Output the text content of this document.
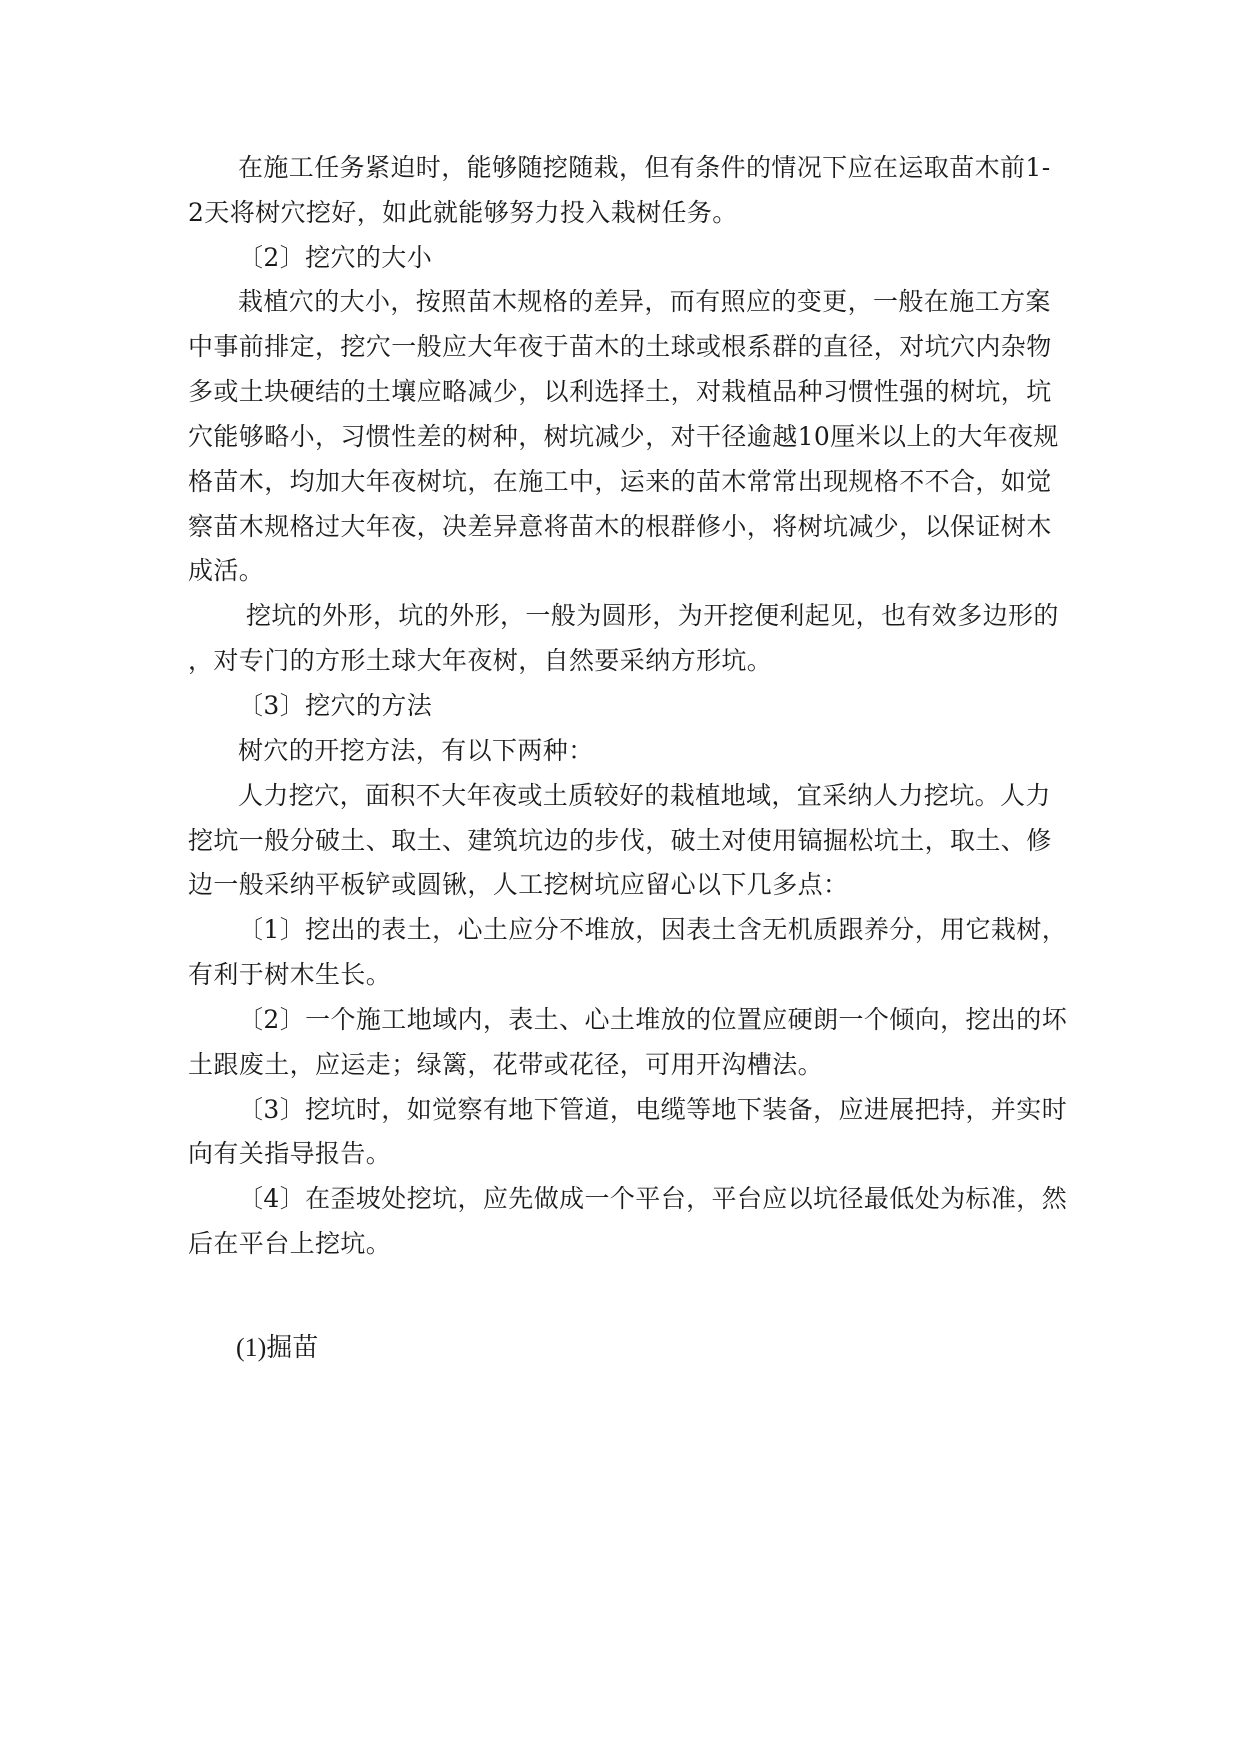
在施工任务紧迫时，能够随挖随栽，但有条件的情况下应在运取苗木前1-
2天将树穴挖好，如此就能够努力投入栽树任务。
〔2〕挖穴的大小
栽植穴的大小，按照苗木规格的差异，而有照应的变更，一般在施工方案
中事前排定，挖穴一般应大年夜于苗木的土球或根系群的直径，对坑穴内杂物
多或土块硬结的土壤应略减少，以利选择土，对栽植品种习惯性强的树坑，坑
穴能够略小，习惯性差的树种，树坑减少，对干径逾越10厘米以上的大年夜规
格苗木，均加大年夜树坑，在施工中，运来的苗木常常出现规格不不合，如觉
察苗木规格过大年夜，决差异意将苗木的根群修小，将树坑减少，以保证树木
成活。
挖坑的外形，坑的外形，一般为圆形，为开挖便利起见，也有效多边形的
，对专门的方形土球大年夜树，自然要采纳方形坑。
〔3〕挖穴的方法
树穴的开挖方法，有以下两种：
人力挖穴，面积不大年夜或土质较好的栽植地域，宜采纳人力挖坑。人力
挖坑一般分破土、取土、建筑坑边的步伐，破土对使用镐掘松坑土，取土、修
边一般采纳平板铲或圆锹，人工挖树坑应留心以下几多点：
〔1〕挖出的表土，心土应分不堆放，因表土含无机质跟养分，用它栽树，
有利于树木生长。
〔2〕一个施工地域内，表土、心土堆放的位置应硬朗一个倾向，挖出的坏
土跟废土，应运走；绿篱，花带或花径，可用开沟槽法。
〔3〕挖坑时，如觉察有地下管道，电缆等地下装备，应进展把持，并实时
向有关指导报告。
〔4〕在歪坡处挖坑，应先做成一个平台，平台应以坑径最低处为标准，然
后在平台上挖坑。
(1)掘苗
